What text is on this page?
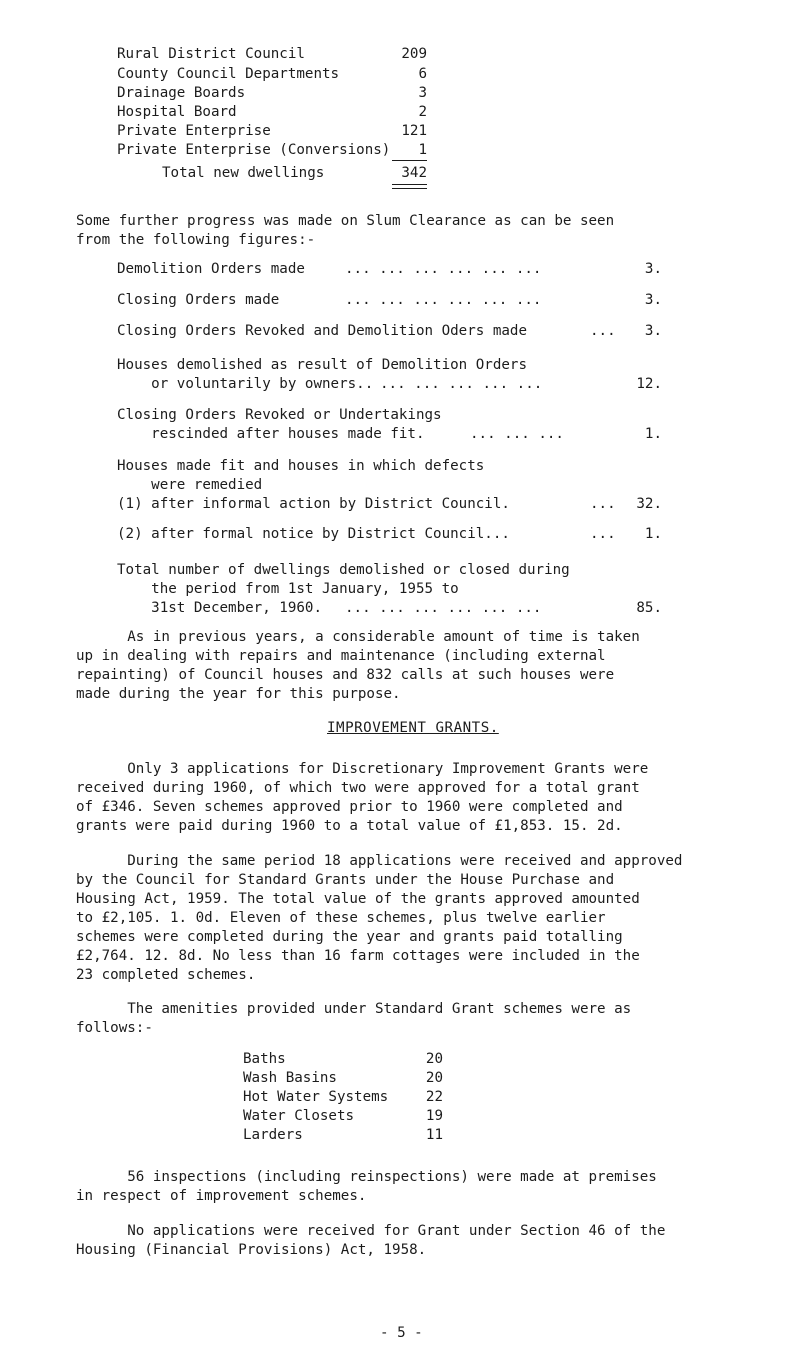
Rural District Council	209
County Council Departments	6
Drainage Boards	3
Hospital Board	2
Private Enterprise	121
Private Enterprise (Conversions) 1
Total new dwellings	342
Some further progress was made on Slum Clearance as can be seen
from the following figures:-
Demolition Orders made	... ... ... ... ... ...	3.
Closing Orders made	... ... ... ... ... ...	3.
Closing Orders Revoked and Demolition Oders made	... 3.
Houses demolished as result of Demolition Orders
or voluntarily by owners.. ... ... ... ... ...	12.
Closing Orders Revoked or Undertakings
rescinded after houses made fit.	... ... ...	1.
Houses made fit and houses in which defects
were remedied
(1) after informal action by District Council.	... 32.
(2) after formal notice by District Council...	... 1.
Total number of dwellings demolished or closed during
the period from 1st January, 1955 to
31st December, 1960. ... ... ... ... ... ...	85.
As in previous years, a considerable amount of time is taken
up in dealing with repairs and maintenance (including external
repainting) of Council houses and 832 calls at such houses were
made during the year for this purpose.
IMPROVEMENT GRANTS.
Only 3 applications for Discretionary Improvement Grants were
received during 1960, of which two were approved for a total grant
of £346. Seven schemes approved prior to 1960 were completed and
grants were paid during 1960 to a total value of £1,853. 15. 2d.
During the same period 18 applications were received and approved
by the Council for Standard Grants under the House Purchase and
Housing Act, 1959. The total value of the grants approved amounted
to £2,105. 1. 0d. Eleven of these schemes, plus twelve earlier
schemes were completed during the year and grants paid totalling
£2,764. 12. 8d. No less than 16 farm cottages were included in the
23 completed schemes.
The amenities provided under Standard Grant schemes were as
follows:-
Baths	20
Wash Basins	20
Hot Water Systems	22
Water Closets	19
Larders	11
56 inspections (including reinspections) were made at premises
in respect of improvement schemes.
No applications were received for Grant under Section 46 of the
Housing (Financial Provisions) Act, 1958.
- 5 -
